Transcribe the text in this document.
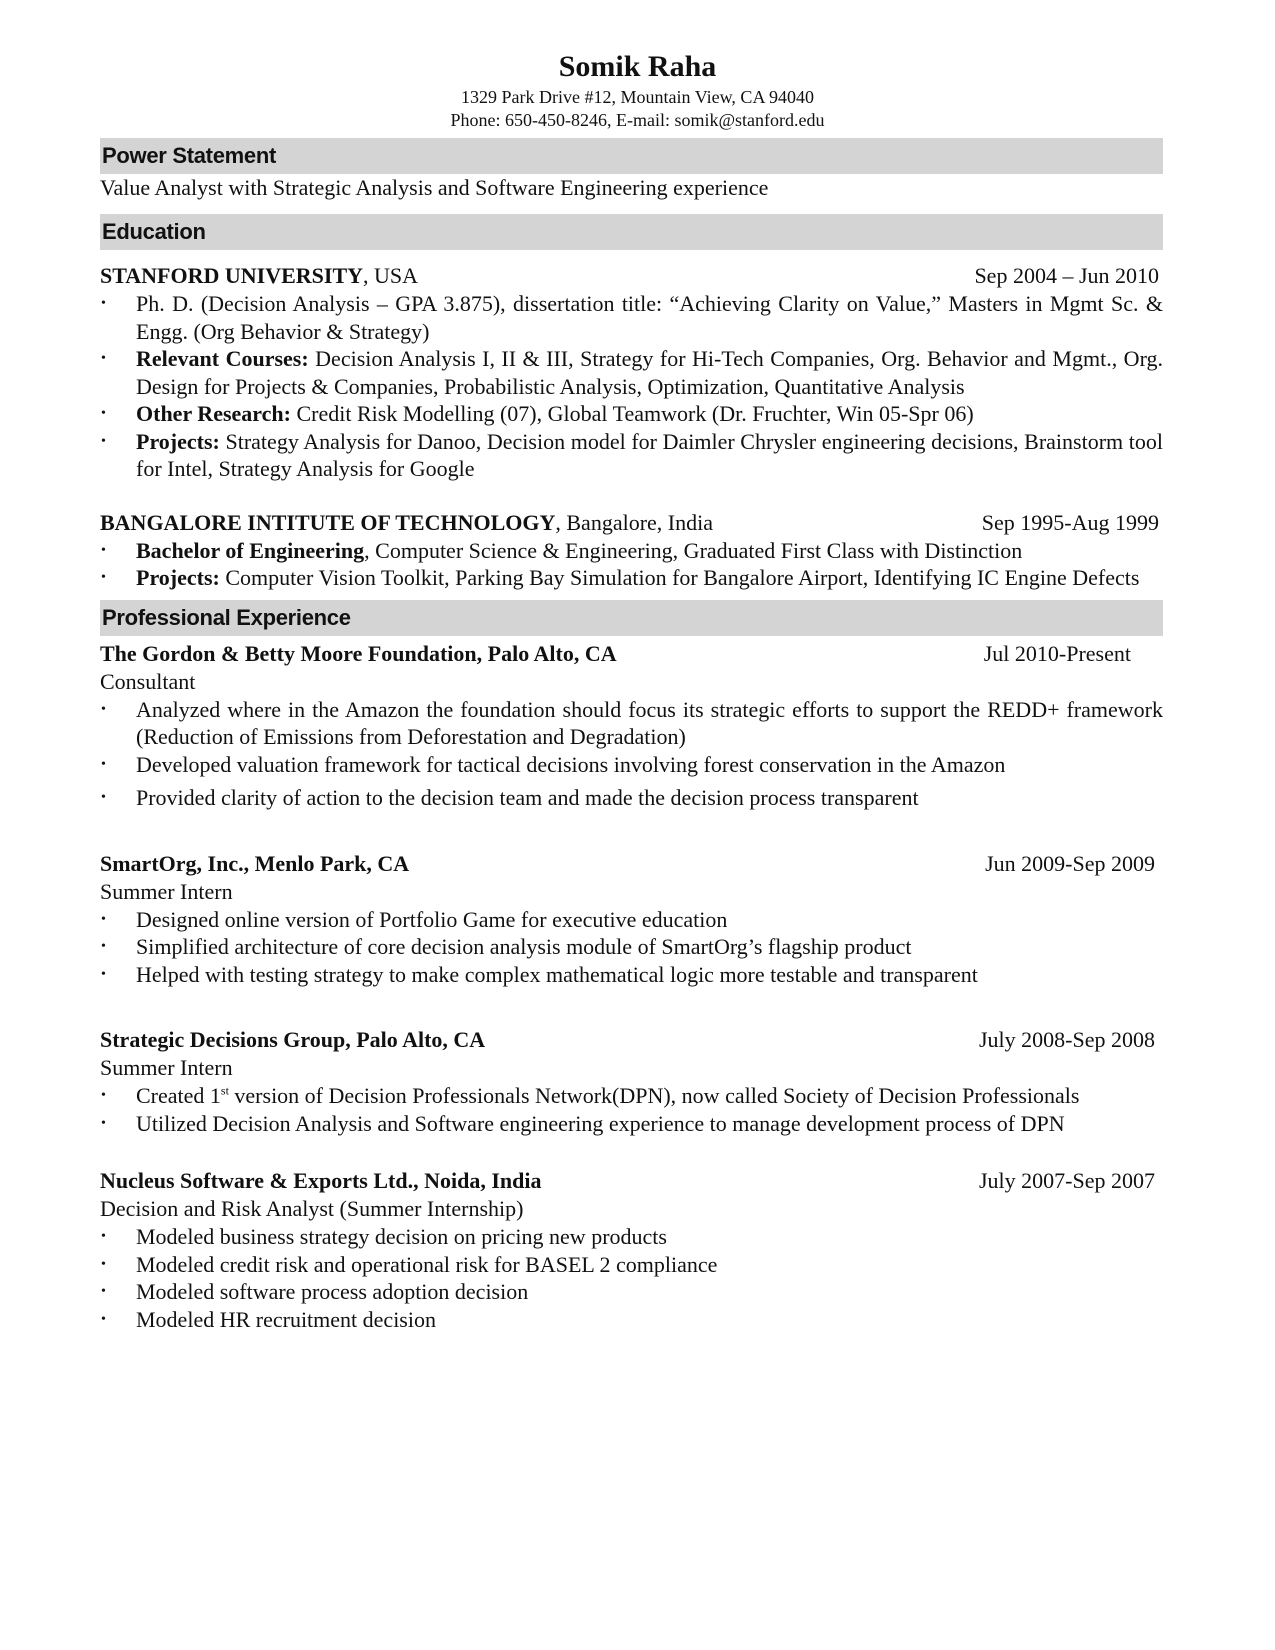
Somik Raha
1329 Park Drive #12, Mountain View, CA 94040
Phone: 650-450-8246, E-mail: somik@stanford.edu
Power Statement
Value Analyst with Strategic Analysis and Software Engineering experience
Education
STANFORD UNIVERSITY, USA	Sep 2004 – Jun 2010
• Ph. D. (Decision Analysis – GPA 3.875), dissertation title: “Achieving Clarity on Value,” Masters in Mgmt Sc. & Engg. (Org Behavior & Strategy)
• Relevant Courses: Decision Analysis I, II & III, Strategy for Hi-Tech Companies, Org. Behavior and Mgmt., Org. Design for Projects & Companies, Probabilistic Analysis, Optimization, Quantitative Analysis
• Other Research: Credit Risk Modelling (07), Global Teamwork (Dr. Fruchter, Win 05-Spr 06)
• Projects: Strategy Analysis for Danoo, Decision model for Daimler Chrysler engineering decisions, Brainstorm tool for Intel, Strategy Analysis for Google
BANGALORE INTITUTE OF TECHNOLOGY, Bangalore, India	Sep 1995-Aug 1999
• Bachelor of Engineering, Computer Science & Engineering, Graduated First Class with Distinction
• Projects: Computer Vision Toolkit, Parking Bay Simulation for Bangalore Airport, Identifying IC Engine Defects
Professional Experience
The Gordon & Betty Moore Foundation, Palo Alto, CA	Jul 2010-Present
Consultant
• Analyzed where in the Amazon the foundation should focus its strategic efforts to support the REDD+ framework (Reduction of Emissions from Deforestation and Degradation)
• Developed valuation framework for tactical decisions involving forest conservation in the Amazon
• Provided clarity of action to the decision team and made the decision process transparent
SmartOrg, Inc., Menlo Park, CA	Jun 2009-Sep 2009
Summer Intern
• Designed online version of Portfolio Game for executive education
• Simplified architecture of core decision analysis module of SmartOrg’s flagship product
• Helped with testing strategy to make complex mathematical logic more testable and transparent
Strategic Decisions Group, Palo Alto, CA	July 2008-Sep 2008
Summer Intern
• Created 1st version of Decision Professionals Network(DPN), now called Society of Decision Professionals
• Utilized Decision Analysis and Software engineering experience to manage development process of DPN
Nucleus Software & Exports Ltd., Noida, India	July 2007-Sep 2007
Decision and Risk Analyst (Summer Internship)
• Modeled business strategy decision on pricing new products
• Modeled credit risk and operational risk for BASEL 2 compliance
• Modeled software process adoption decision
• Modeled HR recruitment decision
